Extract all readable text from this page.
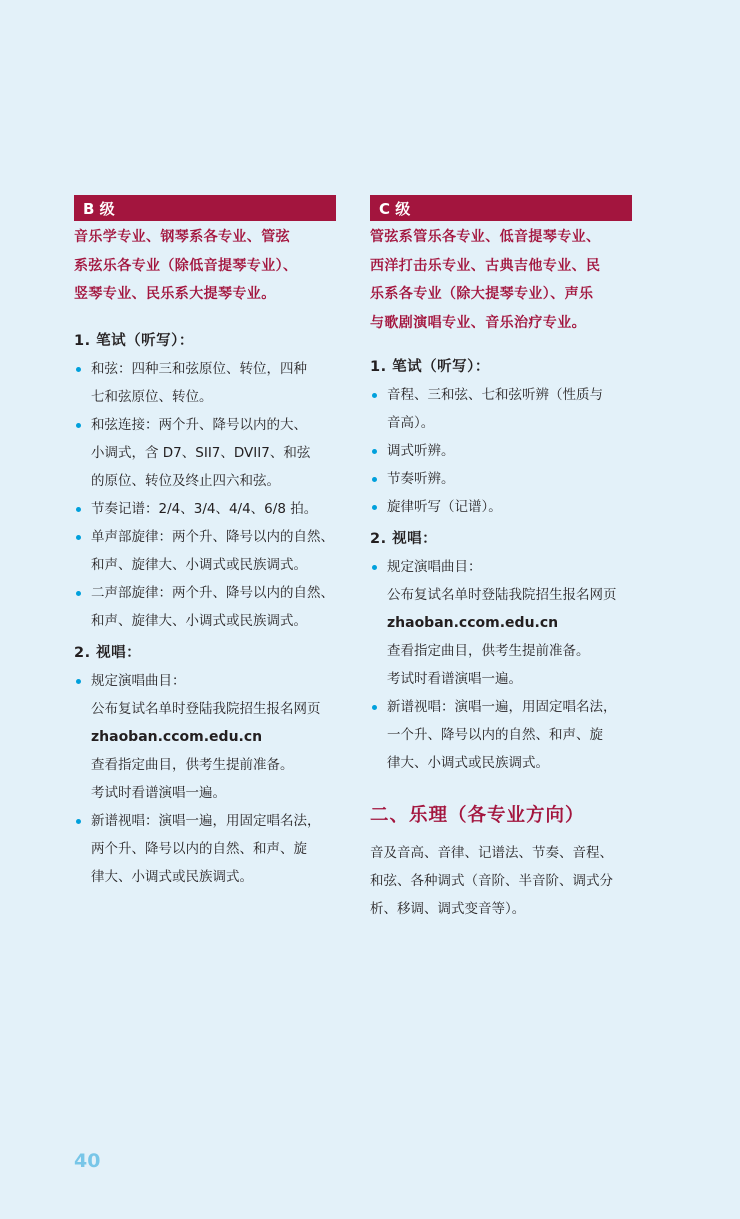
B 级
音乐学专业、钢琴系各专业、管弦
系弦乐各专业（除低音提琴专业）、
竖琴专业、民乐系大提琴专业。
1. 笔试（听写）：
和弦：四种三和弦原位、转位，四种
七和弦原位、转位。
和弦连接：两个升、降号以内的大、
小调式，含 D7、SII7、DVII7、和弦
的原位、转位及终止四六和弦。
节奏记谱：2/4、3/4、4/4、6/8 拍。
单声部旋律：两个升、降号以内的自然、
和声、旋律大、小调式或民族调式。
二声部旋律：两个升、降号以内的自然、
和声、旋律大、小调式或民族调式。
2. 视唱：
规定演唱曲目：
公布复试名单时登陆我院招生报名网页
zhaoban.ccom.edu.cn
查看指定曲目，供考生提前准备。
考试时看谱演唱一遍。
新谱视唱：演唱一遍，用固定唱名法，
两个升、降号以内的自然、和声、旋
律大、小调式或民族调式。
C 级
管弦系管乐各专业、低音提琴专业、
西洋打击乐专业、古典吉他专业、民
乐系各专业（除大提琴专业）、声乐
与歌剧演唱专业、音乐治疗专业。
1. 笔试（听写）：
音程、三和弦、七和弦听辨（性质与
音高）。
调式听辨。
节奏听辨。
旋律听写（记谱）。
2. 视唱：
规定演唱曲目：
公布复试名单时登陆我院招生报名网页
zhaoban.ccom.edu.cn
查看指定曲目，供考生提前准备。
考试时看谱演唱一遍。
新谱视唱：演唱一遍，用固定唱名法，
一个升、降号以内的自然、和声、旋
律大、小调式或民族调式。
二、乐理（各专业方向）
音及音高、音律、记谱法、节奏、音程、
和弦、各种调式（音阶、半音阶、调式分
析、移调、调式变音等）。
40
